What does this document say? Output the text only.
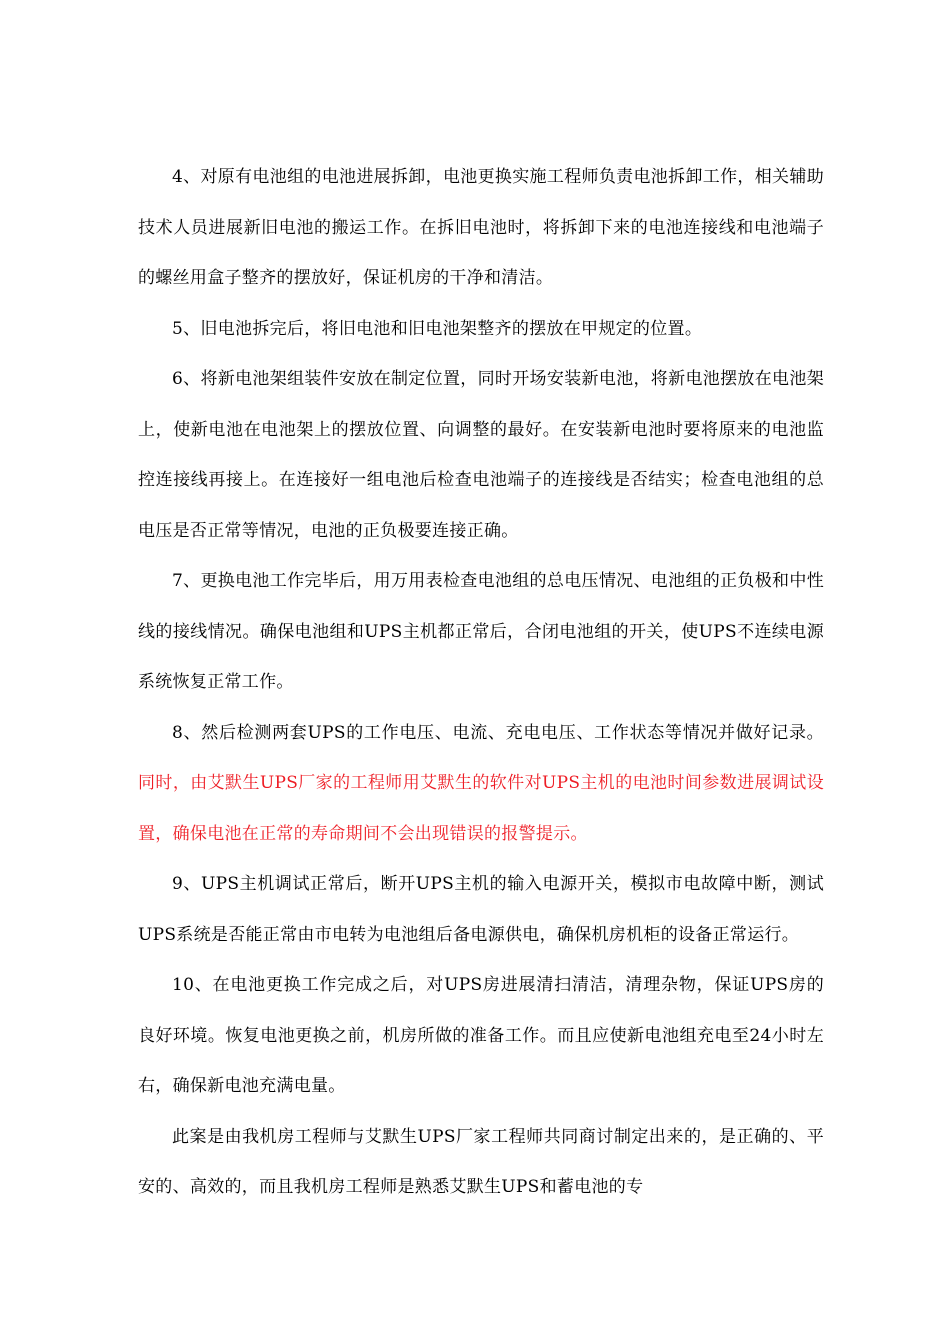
4、对原有电池组的电池进展拆卸，电池更换实施工程师负责电池拆卸工作，相关辅助技术人员进展新旧电池的搬运工作。在拆旧电池时，将拆卸下来的电池连接线和电池端子的螺丝用盒子整齐的摆放好，保证机房的干净和清洁。

5、旧电池拆完后，将旧电池和旧电池架整齐的摆放在甲规定的位置。

6、将新电池架组装件安放在制定位置，同时开场安装新电池，将新电池摆放在电池架上，使新电池在电池架上的摆放位置、向调整的最好。在安装新电池时要将原来的电池监控连接线再接上。在连接好一组电池后检查电池端子的连接线是否结实；检查电池组的总电压是否正常等情况，电池的正负极要连接正确。

7、更换电池工作完毕后，用万用表检查电池组的总电压情况、电池组的正负极和中性线的接线情况。确保电池组和UPS主机都正常后，合闭电池组的开关，使UPS不连续电源系统恢复正常工作。

8、然后检测两套UPS的工作电压、电流、充电电压、工作状态等情况并做好记录。同时，由艾默生UPS厂家的工程师用艾默生的软件对UPS主机的电池时间参数进展调试设置，确保电池在正常的寿命期间不会出现错误的报警提示。

9、UPS主机调试正常后，断开UPS主机的输入电源开关，模拟市电故障中断，测试UPS系统是否能正常由市电转为电池组后备电源供电，确保机房机柜的设备正常运行。

10、在电池更换工作完成之后，对UPS房进展清扫清洁，清理杂物，保证UPS房的良好环境。恢复电池更换之前，机房所做的准备工作。而且应使新电池组充电至24小时左右，确保新电池充满电量。

此案是由我机房工程师与艾默生UPS厂家工程师共同商讨制定出来的，是正确的、平安的、高效的，而且我机房工程师是熟悉艾默生UPS和蓄电池的专
